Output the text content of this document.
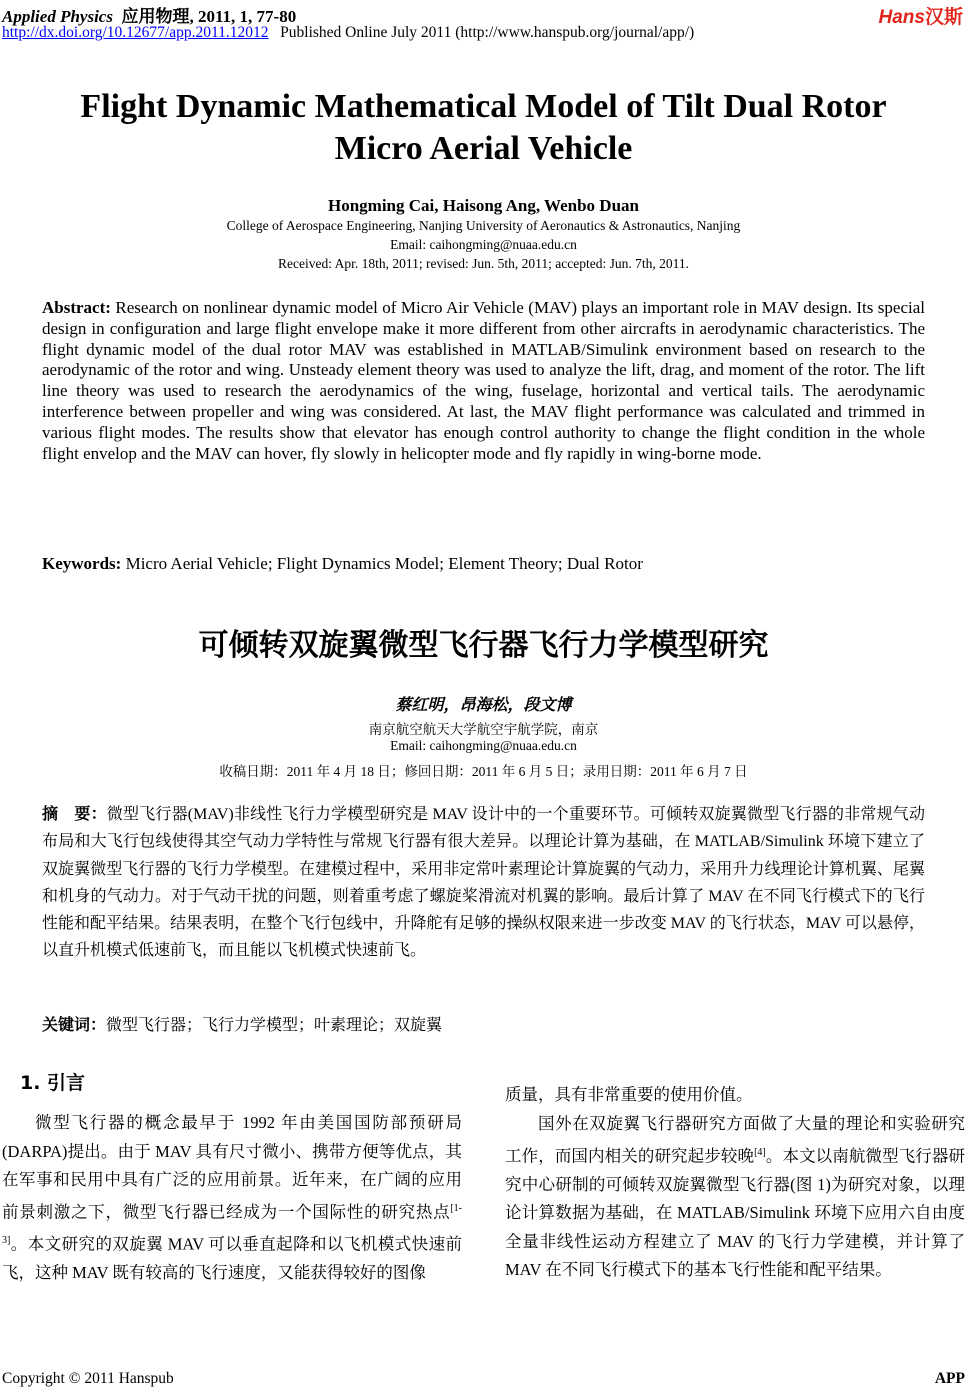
Applied Physics 应用物理, 2011, 1, 77-80
http://dx.doi.org/10.12677/app.2011.12012 Published Online July 2011 (http://www.hanspub.org/journal/app/)
Hans汉斯
Flight Dynamic Mathematical Model of Tilt Dual Rotor Micro Aerial Vehicle
Hongming Cai, Haisong Ang, Wenbo Duan
College of Aerospace Engineering, Nanjing University of Aeronautics & Astronautics, Nanjing
Email: caihongming@nuaa.edu.cn
Received: Apr. 18th, 2011; revised: Jun. 5th, 2011; accepted: Jun. 7th, 2011.
Abstract: Research on nonlinear dynamic model of Micro Air Vehicle (MAV) plays an important role in MAV design. Its special design in configuration and large flight envelope make it more different from other aircrafts in aerodynamic characteristics. The flight dynamic model of the dual rotor MAV was established in MATLAB/Simulink environment based on research to the aerodynamic of the rotor and wing. Unsteady element theory was used to analyze the lift, drag, and moment of the rotor. The lift line theory was used to research the aerodynamics of the wing, fuselage, horizontal and vertical tails. The aerodynamic interference between propeller and wing was considered. At last, the MAV flight performance was calculated and trimmed in various flight modes. The results show that elevator has enough control authority to change the flight condition in the whole flight envelop and the MAV can hover, fly slowly in helicopter mode and fly rapidly in wing-borne mode.
Keywords: Micro Aerial Vehicle; Flight Dynamics Model; Element Theory; Dual Rotor
可倾转双旋翼微型飞行器飞行力学模型研究
蔡红明，昂海松，段文博
南京航空航天大学航空宇航学院，南京
Email: caihongming@nuaa.edu.cn
收稿日期：2011 年 4 月 18 日；修回日期：2011 年 6 月 5 日；录用日期：2011 年 6 月 7 日
摘　要：微型飞行器(MAV)非线性飞行力学模型研究是 MAV 设计中的一个重要环节。可倾转双旋翼微型飞行器的非常规气动布局和大飞行包线使得其空气动力学特性与常规飞行器有很大差异。以理论计算为基础，在 MATLAB/Simulink 环境下建立了双旋翼微型飞行器的飞行力学模型。在建模过程中，采用非定常叶素理论计算旋翼的气动力，采用升力线理论计算机翼、尾翼和机身的气动力。对于气动干扰的问题，则着重考虑了螺旋桨滑流对机翼的影响。最后计算了 MAV 在不同飞行模式下的飞行性能和配平结果。结果表明，在整个飞行包线中，升降舵有足够的操纵权限来进一步改变 MAV 的飞行状态，MAV 可以悬停，以直升机模式低速前飞，而且能以飞机模式快速前飞。
关键词：微型飞行器；飞行力学模型；叶素理论；双旋翼
1. 引言
微型飞行器的概念最早于 1992 年由美国国防部预研局(DARPA)提出。由于 MAV 具有尺寸微小、携带方便等优点，其在军事和民用中具有广泛的应用前景。近年来，在广阔的应用前景刺激之下，微型飞行器已经成为一个国际性的研究热点[1-3]。本文研究的双旋翼 MAV 可以垂直起降和以飞机模式快速前飞，这种 MAV 既有较高的飞行速度，又能获得较好的图像
质量，具有非常重要的使用价值。
国外在双旋翼飞行器研究方面做了大量的理论和实验研究工作，而国内相关的研究起步较晚[4]。本文以南航微型飞行器研究中心研制的可倾转双旋翼微型飞行器(图 1)为研究对象，以理论计算数据为基础，在 MATLAB/Simulink 环境下应用六自由度全量非线性运动方程建立了 MAV 的飞行力学建模，并计算了 MAV 在不同飞行模式下的基本飞行性能和配平结果。
Copyright © 2011 Hanspub	APP
